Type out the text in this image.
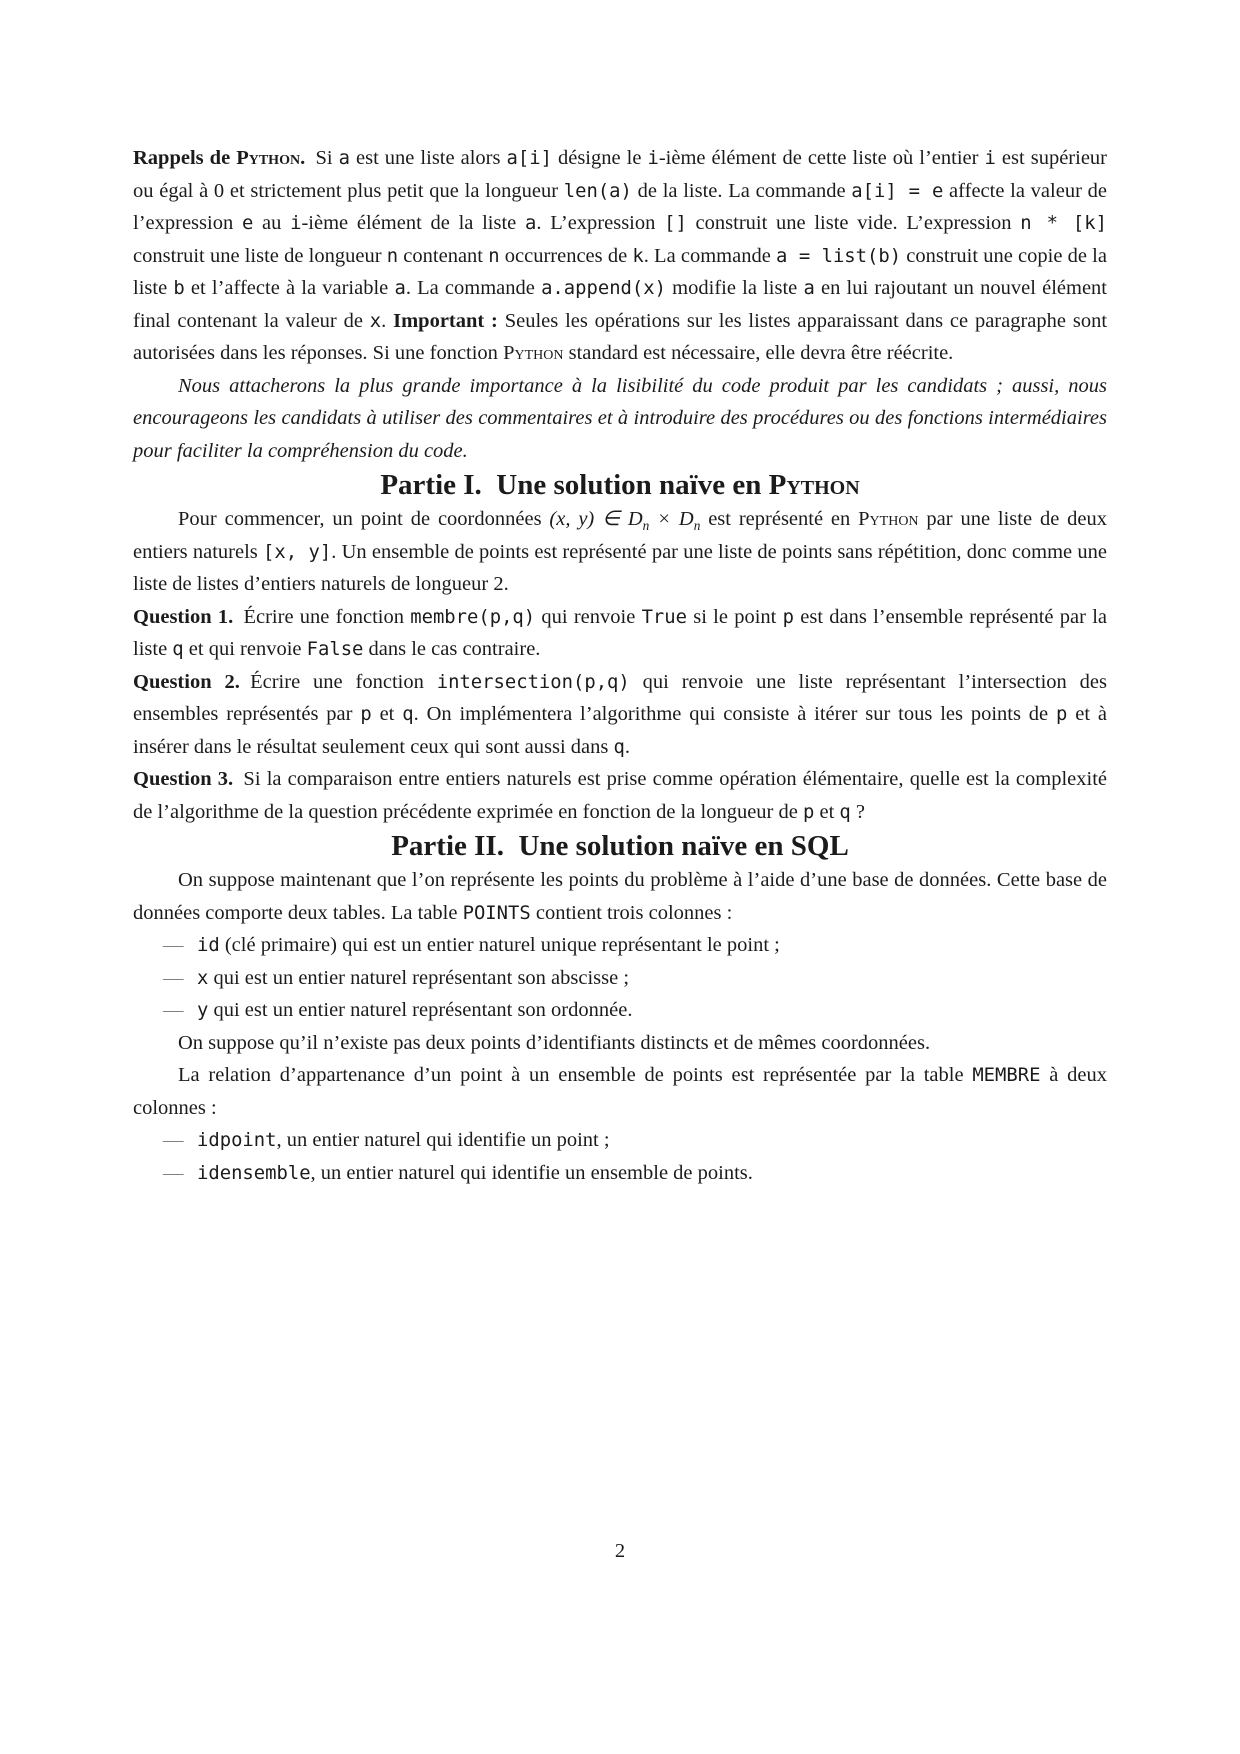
Rappels de Python. Si a est une liste alors a[i] désigne le i-ième élément de cette liste où l’entier i est supérieur ou égal à 0 et strictement plus petit que la longueur len(a) de la liste. La commande a[i] = e affecte la valeur de l’expression e au i-ième élément de la liste a. L’expression [] construit une liste vide. L’expression n * [k] construit une liste de longueur n contenant n occurrences de k. La commande a = list(b) construit une copie de la liste b et l’affecte à la variable a. La commande a.append(x) modifie la liste a en lui rajoutant un nouvel élément final contenant la valeur de x. Important : Seules les opérations sur les listes apparaissant dans ce paragraphe sont autorisées dans les réponses. Si une fonction Python standard est nécessaire, elle devra être réécrite.

Nous attacherons la plus grande importance à la lisibilité du code produit par les candidats ; aussi, nous encourageons les candidats à utiliser des commentaires et à introduire des procédures ou des fonctions intermédiaires pour faciliter la compréhension du code.

Partie I. Une solution naïve en Python

Pour commencer, un point de coordonnées (x, y) ∈ $D_n \times D_n$ est représenté en Python par une liste de deux entiers naturels [x, y]. Un ensemble de points est représenté par une liste de points sans répétition, donc comme une liste de listes d’entiers naturels de longueur 2.

Question 1. Écrire une fonction membre(p,q) qui renvoie True si le point p est dans l’ensemble représenté par la liste q et qui renvoie False dans le cas contraire.

Question 2. Écrire une fonction intersection(p,q) qui renvoie une liste représentant l’intersection des ensembles représentés par p et q. On implémentera l’algorithme qui consiste à itérer sur tous les points de p et à insérer dans le résultat seulement ceux qui sont aussi dans q.

Question 3. Si la comparaison entre entiers naturels est prise comme opération élémentaire, quelle est la complexité de l’algorithme de la question précédente exprimée en fonction de la longueur de p et q ?

Partie II. Une solution naïve en SQL

On suppose maintenant que l’on représente les points du problème à l’aide d’une base de données. Cette base de données comporte deux tables. La table POINTS contient trois colonnes :

— id (clé primaire) qui est un entier naturel unique représentant le point ;
— x qui est un entier naturel représentant son abscisse ;
— y qui est un entier naturel représentant son ordonnée.

On suppose qu’il n’existe pas deux points d’identifiants distincts et de mêmes coordonnées.

La relation d’appartenance d’un point à un ensemble de points est représentée par la table MEMBRE à deux colonnes :

— idpoint, un entier naturel qui identifie un point ;
— idensemble, un entier naturel qui identifie un ensemble de points.
2
